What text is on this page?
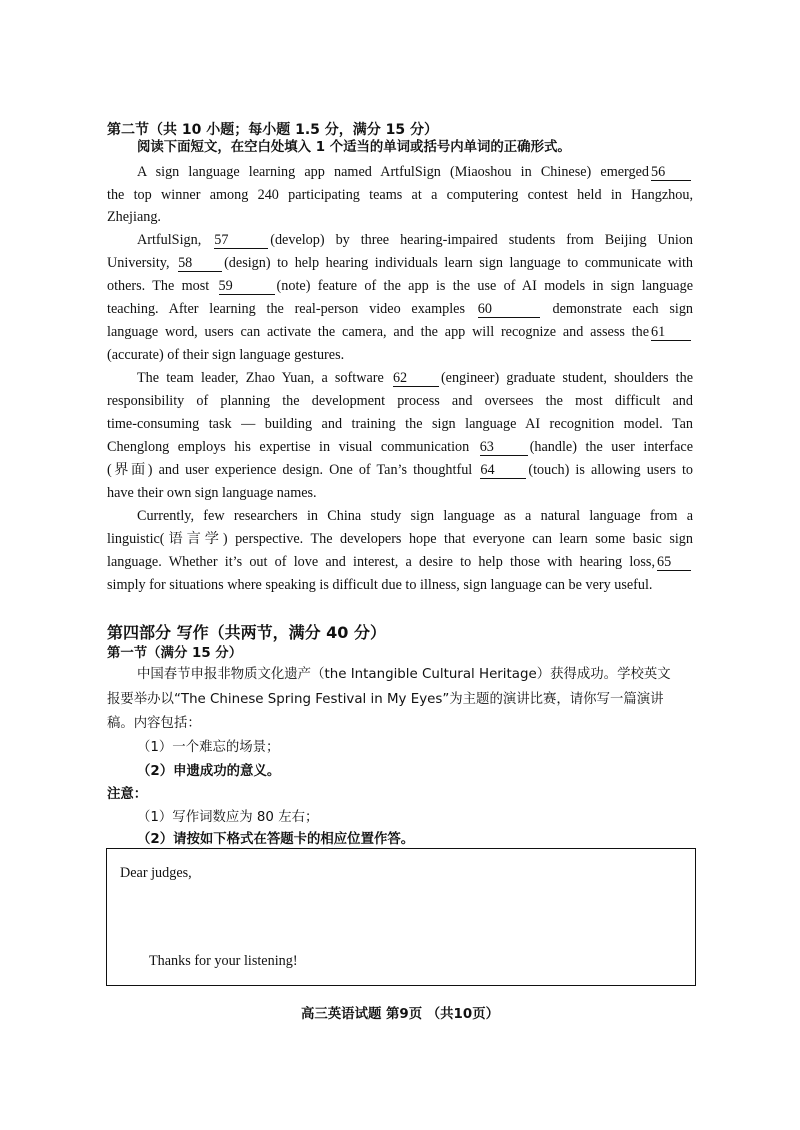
第二节（共 10 小题；每小题 1.5 分，满分 15 分）
阅读下面短文，在空白处填入 1 个适当的单词或括号内单词的正确形式。
A sign language learning app named ArtfulSign (Miaoshou in Chinese) emerged 56
the top winner among 240 participating teams at a computering contest held in Hangzhou,
Zhejiang.
ArtfulSign, 57	(develop) by three hearing-impaired students from Beijing Union
University, 58 (design) to help hearing individuals learn sign language to communicate with
others. The most 59	(note) feature of the app is the use of AI models in sign language
teaching. After learning the real-person video examples 60	demonstrate each sign
language word, users can activate the camera, and the app will recognize and assess the 61
(accurate) of their sign language gestures.
The team leader, Zhao Yuan, a software 62 (engineer) graduate student, shoulders the
responsibility of planning the development process and oversees the most difficult and
time-consuming task — building and training the sign language AI recognition model. Tan
Chenglong employs his expertise in visual communication 63	(handle) the user interface
(界面) and user experience design. One of Tan’s thoughtful 64 (touch) is allowing users to
have their own sign language names.
Currently, few researchers in China study sign language as a natural language from a
linguistic(语言学) perspective. The developers hope that everyone can learn some basic sign
language. Whether it’s out of love and interest, a desire to help those with hearing loss, 65
simply for situations where speaking is difficult due to illness, sign language can be very useful.
第四部分 写作（共两节，满分 40 分）
第一节（满分 15 分）
中国春节申报非物质文化遗产（the Intangible Cultural Heritage）获得成功。学校英文
报要举办以“The Chinese Spring Festival in My Eyes”为主题的演讲比赛，请你写一篇演讲
稿。内容包括：
（1）一个难忘的场景；
（2）申遗成功的意义。
注意：
（1）写作词数应为 80 左右；
（2）请按如下格式在答题卡的相应位置作答。
Dear judges,
Thanks for your listening!
高三英语试题 第9页 （共10页）
